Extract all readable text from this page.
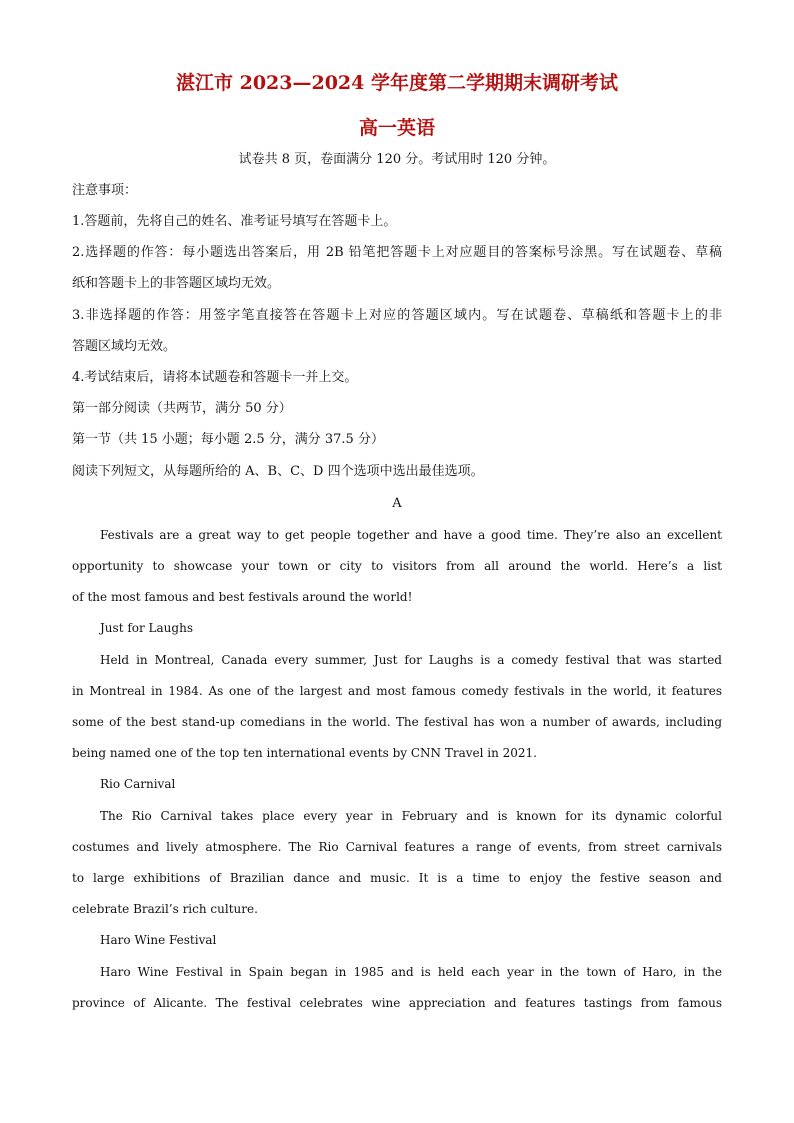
湛江市 2023—2024 学年度第二学期期末调研考试
高一英语
试卷共 8 页，卷面满分 120 分。考试用时 120 分钟。
注意事项：
1.答题前，先将自己的姓名、准考证号填写在答题卡上。
2.选择题的作答：每小题选出答案后，用 2B 铅笔把答题卡上对应题目的答案标号涂黑。写在试题卷、草稿
纸和答题卡上的非答题区域均无效。
3.非选择题的作答：用签字笔直接答在答题卡上对应的答题区域内。写在试题卷、草稿纸和答题卡上的非
答题区域均无效。
4.考试结束后，请将本试题卷和答题卡一并上交。
第一部分阅读（共两节，满分 50 分）
第一节（共 15 小题；每小题 2.5 分，满分 37.5 分）
阅读下列短文，从每题所给的 A、B、C、D 四个选项中选出最佳选项。
A
Festivals are a great way to get people together and have a good time. They’re also an excellent
opportunity to showcase your town or city to visitors from all around the world. Here’s a list
of the most famous and best festivals around the world!
Just for Laughs
Held in Montreal, Canada every summer, Just for Laughs is a comedy festival that was started
in Montreal in 1984. As one of the largest and most famous comedy festivals in the world, it features
some of the best stand-up comedians in the world. The festival has won a number of awards, including
being named one of the top ten international events by CNN Travel in 2021.
Rio Carnival
The Rio Carnival takes place every year in February and is known for its dynamic colorful
costumes and lively atmosphere. The Rio Carnival features a range of events, from street carnivals
to large exhibitions of Brazilian dance and music. It is a time to enjoy the festive season and
celebrate Brazil’s rich culture.
Haro Wine Festival
Haro Wine Festival in Spain began in 1985 and is held each year in the town of Haro, in the
province of Alicante. The festival celebrates wine appreciation and features tastings from famous
